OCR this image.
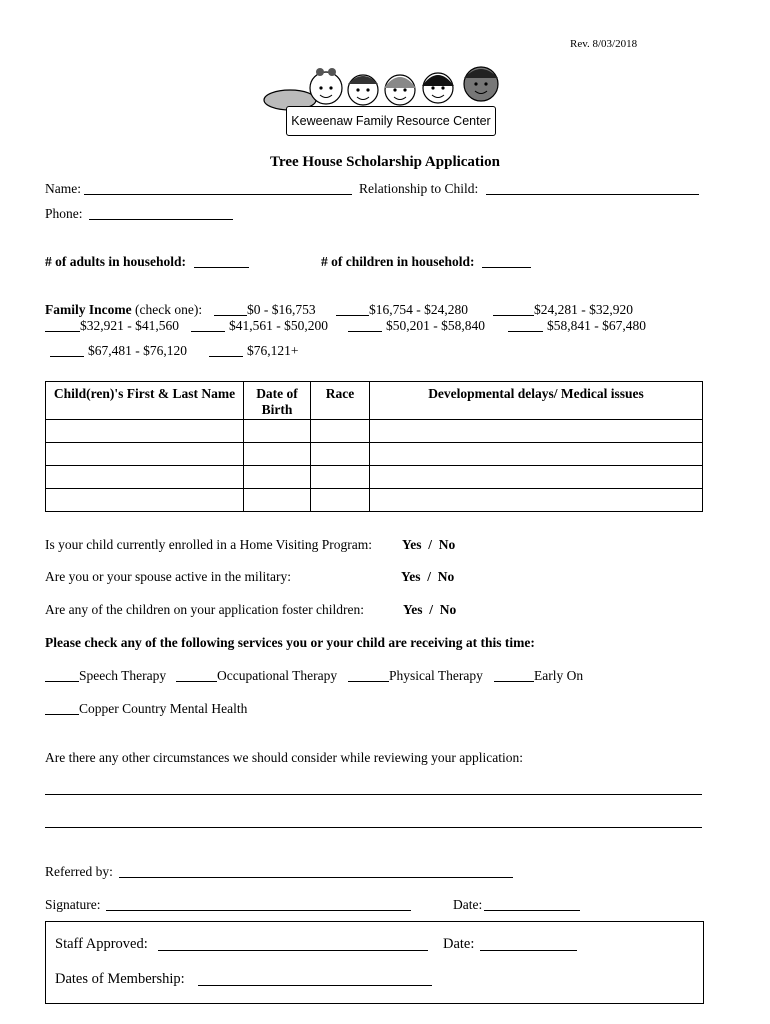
Rev. 8/03/2018
Keweenaw Family Resource Center
Tree House Scholarship Application
Name:	Relationship to Child:
Phone:
# of adults in household:	# of children in household:
Family Income (check one):	$0 - $16,753	$16,754 - $24,280	$24,281 - $32,920
$32,921 - $41,560	$41,561 - $50,200	$50,201 - $58,840	$58,841 - $67,480
$67,481 - $76,120	$76,121+
Child(ren)'s First & Last Name	Date of Birth	Race	Developmental delays/ Medical issues

Is your child currently enrolled in a Home Visiting Program: Yes  /  No
Are you or your spouse active in the military:	Yes  /  No
Are any of the children on your application foster children:	Yes  /  No
Please check any of the following services you or your child are receiving at this time:
Speech Therapy	Occupational Therapy	Physical Therapy	Early On
Copper Country Mental Health
Are there any other circumstances we should consider while reviewing your application:
Referred by:
Signature:	Date:
Staff Approved:	Date:
Dates of Membership:
